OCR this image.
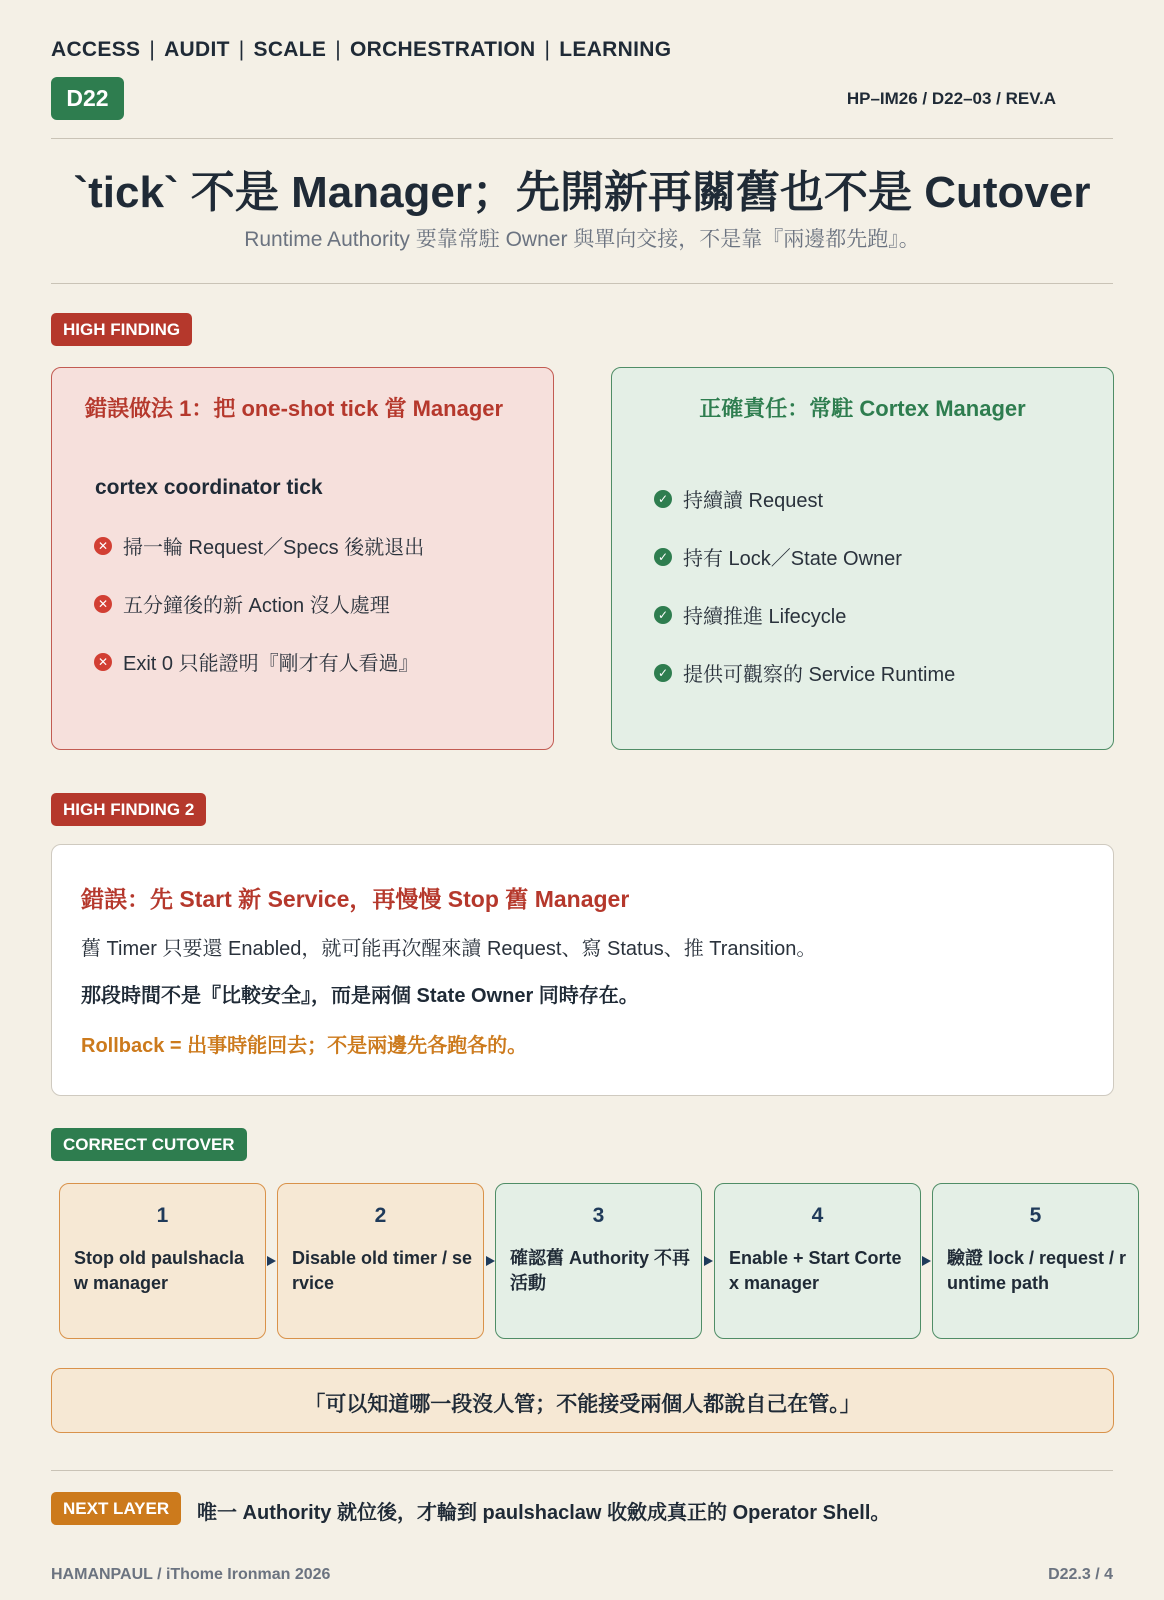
ACCESS | AUDIT | SCALE | ORCHESTRATION | LEARNING
D22	HP–IM26 / D22–03 / REV.A
`tick` 不是 Manager；先開新再關舊也不是 Cutover
Runtime Authority 要靠常駐 Owner 與單向交接，不是靠『兩邊都先跑』。
HIGH FINDING
錯誤做法 1：把 one-shot tick 當 Manager
cortex coordinator tick
✕ 掃一輪 Request／Specs 後就退出
✕ 五分鐘後的新 Action 沒人處理
✕ Exit 0 只能證明『剛才有人看過』
正確責任：常駐 Cortex Manager
✓ 持續讀 Request
✓ 持有 Lock／State Owner
✓ 持續推進 Lifecycle
✓ 提供可觀察的 Service Runtime
HIGH FINDING 2
錯誤：先 Start 新 Service，再慢慢 Stop 舊 Manager
舊 Timer 只要還 Enabled，就可能再次醒來讀 Request、寫 Status、推 Transition。
那段時間不是『比較安全』，而是兩個 State Owner 同時存在。
Rollback = 出事時能回去；不是兩邊先各跑各的。
CORRECT CUTOVER
1
Stop old paulshaclaw manager
2
Disable old timer / service
3
確認舊 Authority 不再活動
4
Enable + Start Cortex manager
5
驗證 lock / request / runtime path
「可以知道哪一段沒人管；不能接受兩個人都說自己在管。」
NEXT LAYER	唯一 Authority 就位後，才輪到 paulshaclaw 收斂成真正的 Operator Shell。
HAMANPAUL / iThome Ironman 2026	D22.3 / 4
